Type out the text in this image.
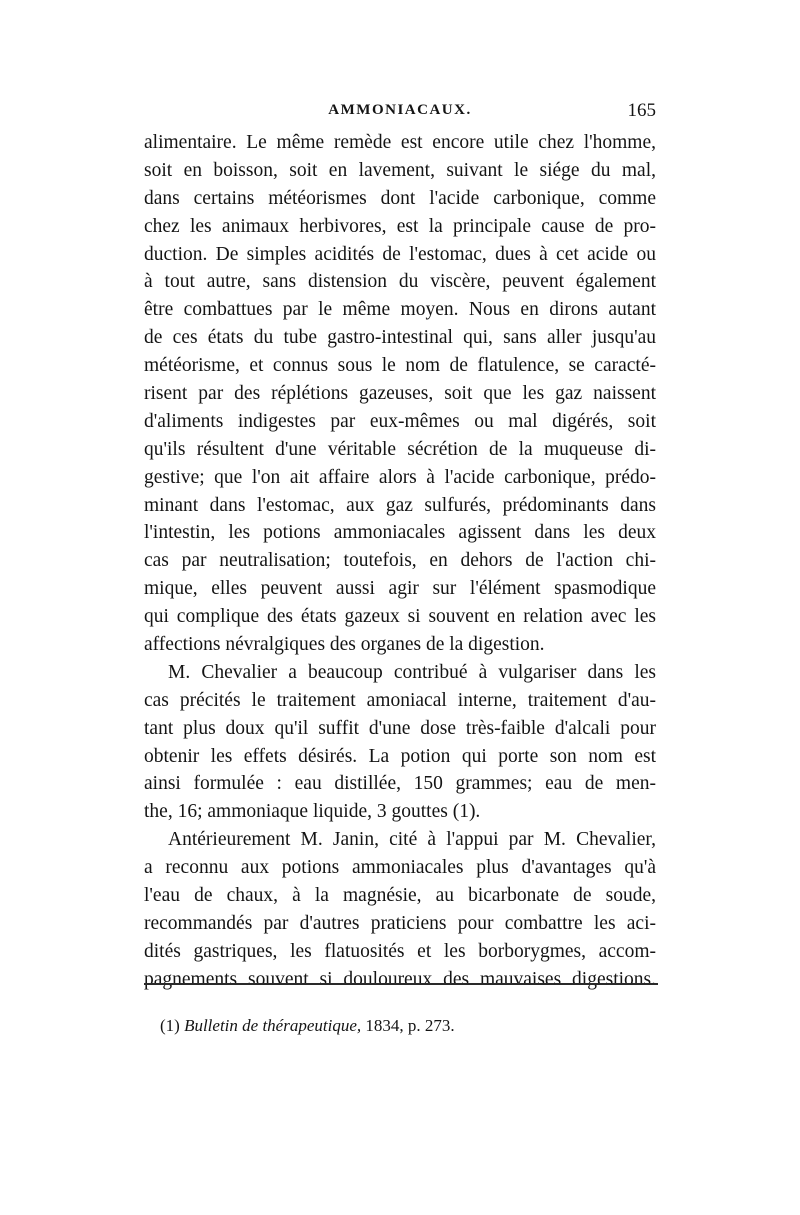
AMMONIACAUX.	165
alimentaire. Le même remède est encore utile chez l'homme,
soit en boisson, soit en lavement, suivant le siége du mal,
dans certains météorismes dont l'acide carbonique, comme
chez les animaux herbivores, est la principale cause de pro-
duction. De simples acidités de l'estomac, dues à cet acide ou
à tout autre, sans distension du viscère, peuvent également
être combattues par le même moyen. Nous en dirons autant
de ces états du tube gastro-intestinal qui, sans aller jusqu'au
météorisme, et connus sous le nom de flatulence, se caracté-
risent par des réplétions gazeuses, soit que les gaz naissent
d'aliments indigestes par eux-mêmes ou mal digérés, soit
qu'ils résultent d'une véritable sécrétion de la muqueuse di-
gestive; que l'on ait affaire alors à l'acide carbonique, prédo-
minant dans l'estomac, aux gaz sulfurés, prédominants dans
l'intestin, les potions ammoniacales agissent dans les deux
cas par neutralisation; toutefois, en dehors de l'action chi-
mique, elles peuvent aussi agir sur l'élément spasmodique
qui complique des états gazeux si souvent en relation avec les
affections névralgiques des organes de la digestion.
M. Chevalier a beaucoup contribué à vulgariser dans les
cas précités le traitement amoniacal interne, traitement d'au-
tant plus doux qu'il suffit d'une dose très-faible d'alcali pour
obtenir les effets désirés. La potion qui porte son nom est
ainsi formulée : eau distillée, 150 grammes; eau de men-
the, 16; ammoniaque liquide, 3 gouttes (1).
Antérieurement M. Janin, cité à l'appui par M. Chevalier,
a reconnu aux potions ammoniacales plus d'avantages qu'à
l'eau de chaux, à la magnésie, au bicarbonate de soude,
recommandés par d'autres praticiens pour combattre les aci-
dités gastriques, les flatuosités et les borborygmes, accom-
pagnements souvent si douloureux des mauvaises digestions.
(1) Bulletin de thérapeutique, 1834, p. 273.
